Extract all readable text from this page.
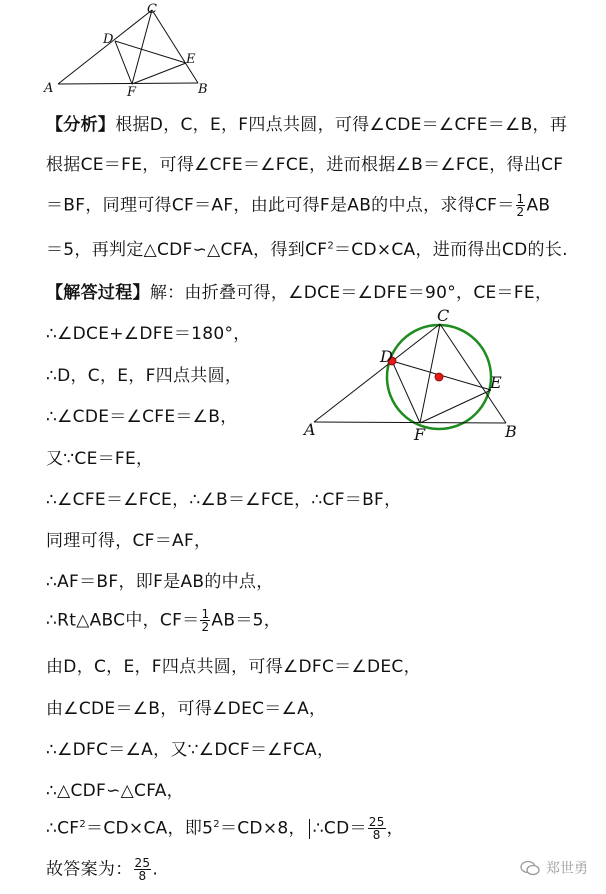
A	B
C
D
E
F
【分析】根据D，C，E，F四点共圆，可得∠CDE＝∠CFE＝∠B，再
根据CE＝FE，可得∠CFE＝∠FCE，进而根据∠B＝∠FCE，得出CF
＝BF，同理可得CF＝AF，由此可得F是AB的中点，求得$CF= \frac{1}{2}$ AB
＝5，再判定△CDF∽△CFA，得到$CF^2=CD\times CA$，进而得出CD的长.
【解答过程】解：由折叠可得，∠DCE＝∠DFE＝90°，CE＝FE，
∴∠DCE+∠DFE＝180°，
∴D，C，E，F四点共圆，
∴∠CDE＝∠CFE＝∠B，
又∵CE＝FE，
∴∠CFE＝∠FCE，∴∠B＝∠FCE，∴CF＝BF，
同理可得，CF＝AF，
∴AF＝BF，即F是AB的中点，
∴Rt△ABC中，$CF= \frac{1}{2} AB=5$，
由D，C，E，F四点共圆，可得∠DFC＝∠DEC，
由∠CDE＝∠B，可得∠DEC＝∠A，
∴∠DFC＝∠A，又∵∠DCF＝∠FCA，
∴△CDF∽△CFA，
$\therefore CF^2=CD\times CA$，即$5^2=CD\times 8$， ∴CD＝ $\frac{25}{8}$ ，
故答案为： $\frac{25}{8}$ .
A	B
C
D
E
F
郑世勇
